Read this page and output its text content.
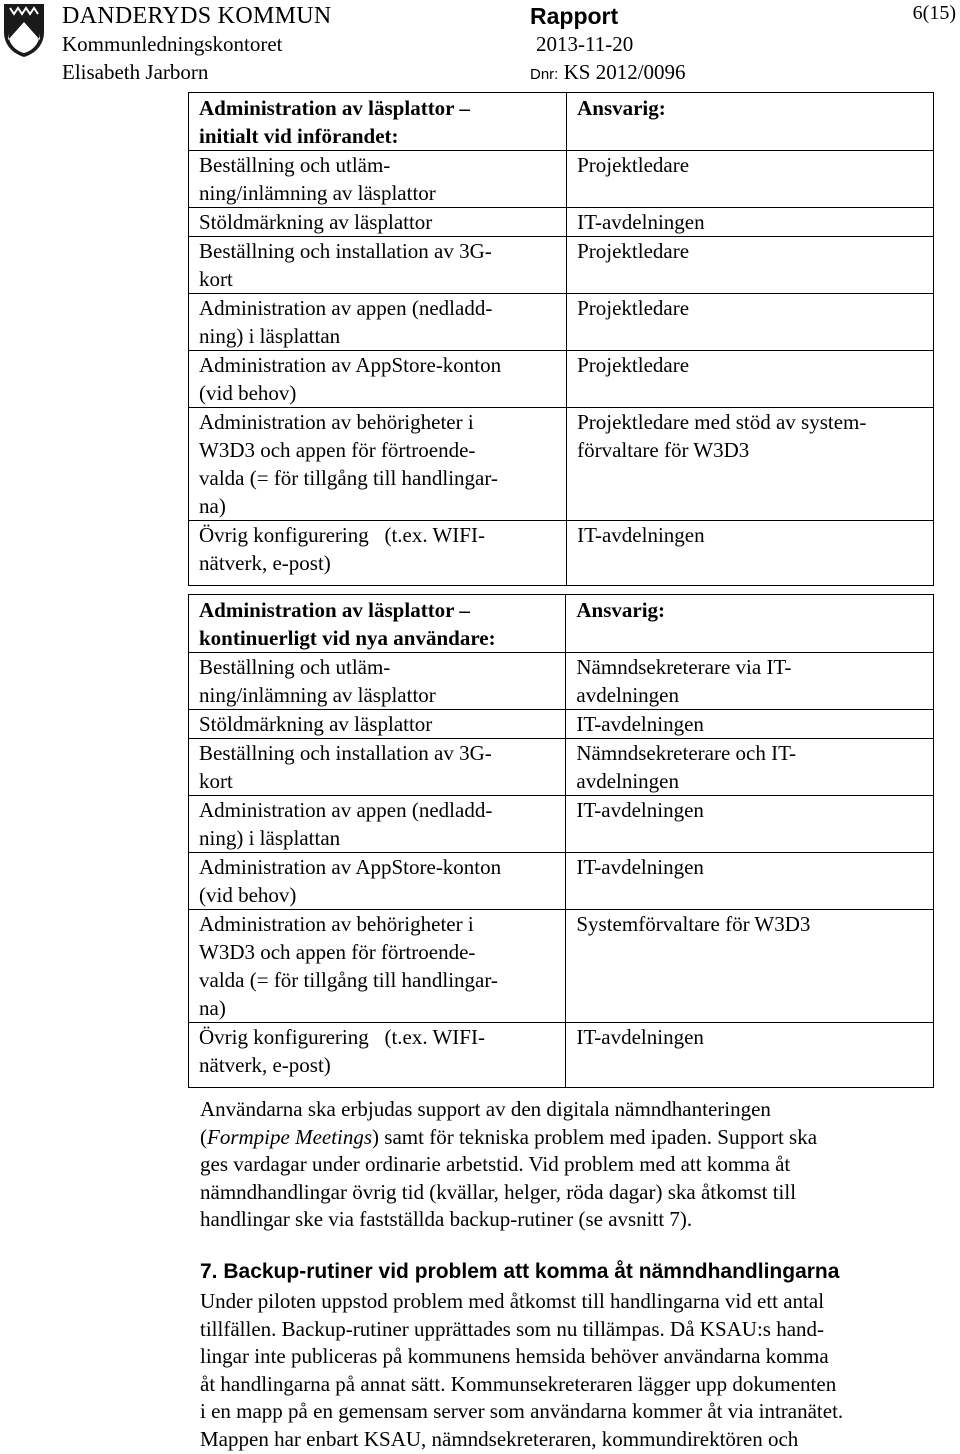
DANDERYDS KOMMUN
Kommunledningskontoret
Elisabeth Jarborn
Rapport
2013-11-20
Dnr: KS 2012/0096
6(15)
Administration av läsplattor –
initialt vid införandet:	Ansvarig:
Beställning och utläm-
ning/inlämning av läsplattor	Projektledare
Stöldmärkning av läsplattor	IT-avdelningen
Beställning och installation av 3G-
kort	Projektledare
Administration av appen (nedladd-
ning) i läsplattan	Projektledare
Administration av AppStore-konton
(vid behov)	Projektledare
Administration av behörigheter i
W3D3 och appen för förtroende-
valda (= för tillgång till handlingar-
na)	Projektledare med stöd av system-
förvaltare för W3D3
Övrig konfigurering   (t.ex. WIFI-
nätverk, e-post)	IT-avdelningen
Administration av läsplattor –
kontinuerligt vid nya användare:	Ansvarig:
Beställning och utläm-
ning/inlämning av läsplattor	Nämndsekreterare via IT-
avdelningen
Stöldmärkning av läsplattor	IT-avdelningen
Beställning och installation av 3G-
kort	Nämndsekreterare och IT-
avdelningen
Administration av appen (nedladd-
ning) i läsplattan	IT-avdelningen
Administration av AppStore-konton
(vid behov)	IT-avdelningen
Administration av behörigheter i
W3D3 och appen för förtroende-
valda (= för tillgång till handlingar-
na)	Systemförvaltare för W3D3
Övrig konfigurering   (t.ex. WIFI-
nätverk, e-post)	IT-avdelningen

Användarna ska erbjudas support av den digitala nämndhanteringen

(Formpipe Meetings) samt för tekniska problem med ipaden. Support ska

ges vardagar under ordinarie arbetstid. Vid problem med att komma åt

nämndhandlingar övrig tid (kvällar, helger, röda dagar) ska åtkomst till

handlingar ske via fastställda backup-rutiner (se avsnitt 7).

7. Backup-rutiner vid problem att komma åt nämndhandlingarna

Under piloten uppstod problem med åtkomst till handlingarna vid ett antal

tillfällen. Backup-rutiner upprättades som nu tillämpas. Då KSAU:s hand-

lingar inte publiceras på kommunens hemsida behöver användarna komma

åt handlingarna på annat sätt. Kommunsekreteraren lägger upp dokumenten

i en mapp på en gemensam server som användarna kommer åt via intranätet.

Mappen har enbart KSAU, nämndsekreteraren, kommundirektören och
